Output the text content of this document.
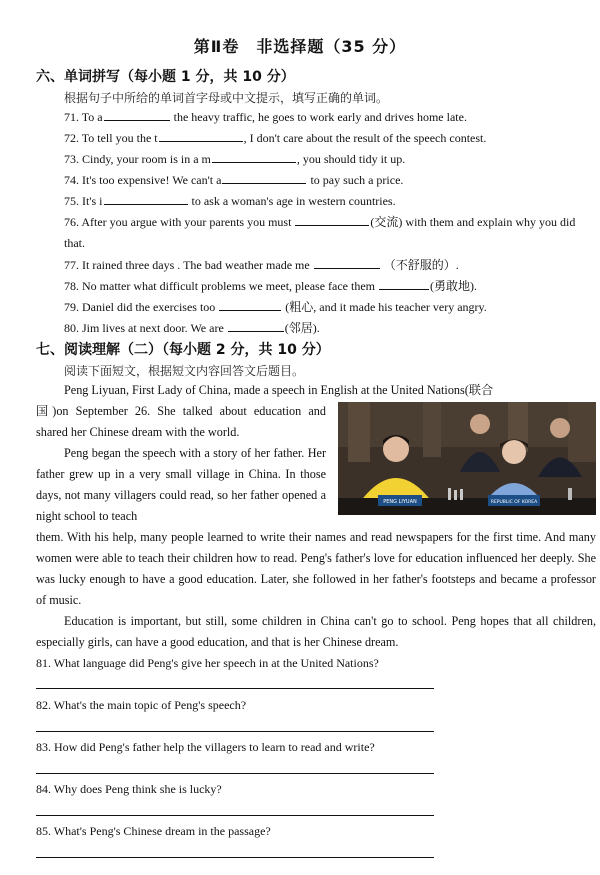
第Ⅱ卷　非选择题（35 分）
六、单词拼写（每小题 1 分，共 10 分）
根据句子中所给的单词首字母或中文提示，填写正确的单词。
71. To a	the heavy traffic, he goes to work early and drives home late.
72. To tell you the t	, I don't care about the result of the speech contest.
73. Cindy, your room is in a m	, you should tidy it up.
74. It's too expensive! We can't a	to pay such a price.
75. It's i	to ask a woman's age in western countries.
76. After you argue with your parents you must	(交流) with them and explain why you did that.
77. It rained three days . The bad weather made me	（不舒服的）.
78. No matter what difficult problems we meet, please face them	(勇敢地).
79. Daniel did the exercises too	(粗心, and it made his teacher very angry.
80. Jim lives at next door. We are	(邻居).
七、阅读理解（二）（每小题 2 分，共 10 分）
阅读下面短文，根据短文内容回答文后题目。
Peng Liyuan, First Lady of China, made a speech in English at the United Nations(联合
国)on September 26. She talked about education and shared her Chinese dream with the world.
Peng began the speech with a story of her father. Her father grew up in a very small village in China. In those days, not many villagers could read, so her father opened a night school to teach
them. With his help, many people learned to write their names and read newspapers for the first time. And many women were able to teach their children how to read. Peng's father's love for education influenced her deeply. She was lucky enough to have a good education. Later, she followed in her father's footsteps and became a professor of music.
Education is important, but still, some children in China can't go to school. Peng hopes that all children, especially girls, can have a good education, and that is her Chinese dream.
PENG LIYUAN	REPUBLIC OF KOREA
81. What language did Peng's give her speech in at the United Nations?
82. What's the main topic of Peng's speech?
83. How did Peng's father help the villagers to learn to read and write?
84. Why does Peng think she is lucky?
85. What's Peng's Chinese dream in the passage?
